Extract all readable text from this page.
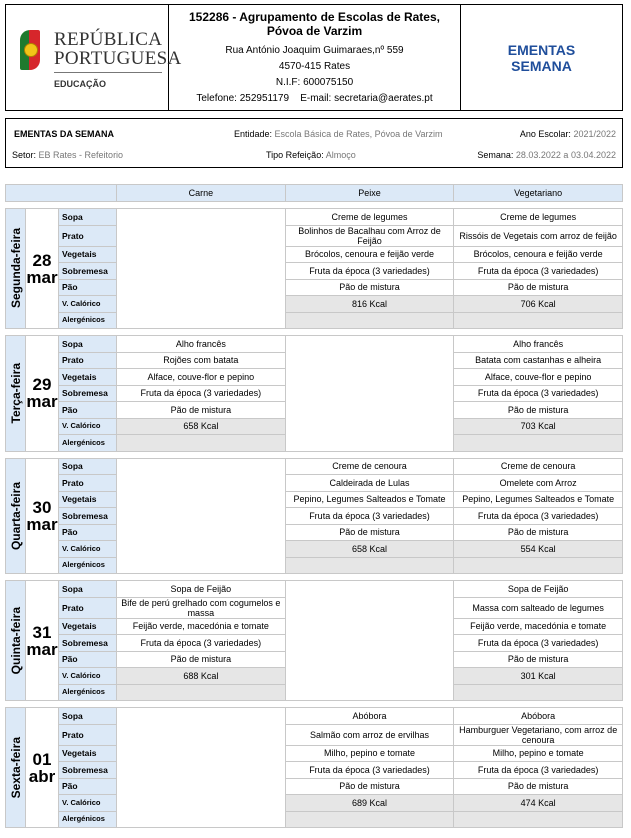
REPÚBLICA
PORTUGUESA
EDUCAÇÃO
152286 - Agrupamento de Escolas de Rates, Póvoa de Varzim
Rua António Joaquim Guimaraes,nº 559
4570-415 Rates
N.I.F: 600075150
Telefone: 252951179 E-mail: secretaria@aerates.pt
EMENTAS
SEMANA
EMENTAS DA SEMANA	Entidade: Escola Básica de Rates, Póvoa de Varzim	Ano Escolar: 2021/2022
Setor: EB Rates - Refeitorio	Tipo Refeição: Almoço	Semana: 28.03.2022 a 03.04.2022
	Carne	Peixe	Vegetariano
Segunda-feira	28
mar	Sopa		Creme de legumes	Creme de legumes
		Prato		Bolinhos de Bacalhau com Arroz de Feijão	Rissóis de Vegetais com arroz de feijão
		Vegetais		Brócolos, cenoura e feijão verde	Brócolos, cenoura e feijão verde
		Sobremesa		Fruta da época (3 variedades)	Fruta da época (3 variedades)
		Pão		Pão de mistura	Pão de mistura
		V. Calórico		816 Kcal	706 Kcal
		Alergénicos			
Terça-feira	29
mar	Sopa	Alho francês		Alho francês
		Prato	Rojões com batata		Batata com castanhas e alheira
		Vegetais	Alface, couve-flor e pepino		Alface, couve-flor e pepino
		Sobremesa	Fruta da época (3 variedades)		Fruta da época (3 variedades)
		Pão	Pão de mistura		Pão de mistura
		V. Calórico	658 Kcal		703 Kcal
		Alergénicos			
Quarta-feira	30
mar	Sopa		Creme de cenoura	Creme de cenoura
		Prato		Caldeirada de Lulas	Omelete com Arroz
		Vegetais		Pepino, Legumes Salteados e Tomate	Pepino, Legumes Salteados e Tomate
		Sobremesa		Fruta da época (3 variedades)	Fruta da época (3 variedades)
		Pão		Pão de mistura	Pão de mistura
		V. Calórico		658 Kcal	554 Kcal
		Alergénicos			
Quinta-feira	31
mar	Sopa	Sopa de Feijão		Sopa de Feijão
		Prato	Bife de perú grelhado com cogumelos e massa		Massa com salteado de legumes
		Vegetais	Feijão verde, macedónia e tomate		Feijão verde, macedónia e tomate
		Sobremesa	Fruta da época (3 variedades)		Fruta da época (3 variedades)
		Pão	Pão de mistura		Pão de mistura
		V. Calórico	688 Kcal		301 Kcal
		Alergénicos			
Sexta-feira	01
abr	Sopa		Abóbora	Abóbora
		Prato		Salmão com arroz de ervilhas	Hamburguer Vegetariano, com arroz de cenoura
		Vegetais		Milho, pepino e tomate	Milho, pepino e tomate
		Sobremesa		Fruta da época (3 variedades)	Fruta da época (3 variedades)
		Pão		Pão de mistura	Pão de mistura
		V. Calórico		689 Kcal	474 Kcal
		Alergénicos			
